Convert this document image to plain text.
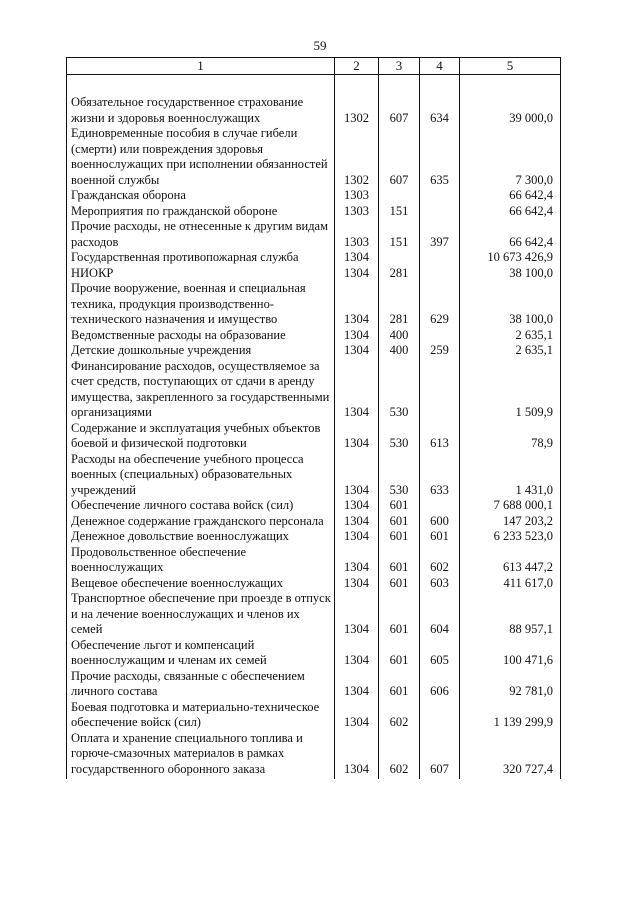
59
1	2	3	4	5

Обязательное государственное страхование жизни и здоровья военнослужащих	1302	607	634	39 000,0
Единовременные пособия в случае гибели (смерти) или повреждения здоровья военнослужащих при исполнении обязанностей военной службы	1302	607	635	7 300,0
Гражданская оборона	1303			66 642,4
Мероприятия по гражданской обороне	1303	151		66 642,4
Прочие расходы, не отнесенные к другим видам расходов	1303	151	397	66 642,4
Государственная противопожарная служба	1304			10 673 426,9
НИОКР	1304	281		38 100,0
Прочие вооружение, военная и специальная техника, продукция производственно-технического назначения и имущество	1304	281	629	38 100,0
Ведомственные расходы на образование	1304	400		2 635,1
Детские дошкольные учреждения	1304	400	259	2 635,1
Финансирование расходов, осуществляемое за счет средств, поступающих от сдачи в аренду имущества, закрепленного за государственными организациями	1304	530		1 509,9
Содержание и эксплуатация учебных объектов боевой и физической подготовки	1304	530	613	78,9
Расходы на обеспечение учебного процесса военных (специальных) образовательных учреждений	1304	530	633	1 431,0
Обеспечение личного состава войск (сил)	1304	601		7 688 000,1
Денежное содержание гражданского персонала	1304	601	600	147 203,2
Денежное довольствие военнослужащих	1304	601	601	6 233 523,0
Продовольственное обеспечение военнослужащих	1304	601	602	613 447,2
Вещевое обеспечение военнослужащих	1304	601	603	411 617,0
Транспортное обеспечение при проезде в отпуск и на лечение военнослужащих и членов их семей	1304	601	604	88 957,1
Обеспечение льгот и компенсаций военнослужащим и членам их семей	1304	601	605	100 471,6
Прочие расходы, связанные с обеспечением личного состава	1304	601	606	92 781,0
Боевая подготовка и материально-техническое обеспечение войск (сил)	1304	602		1 139 299,9
Оплата и хранение специального топлива и горюче-смазочных материалов в рамках государственного оборонного заказа	1304	602	607	320 727,4
